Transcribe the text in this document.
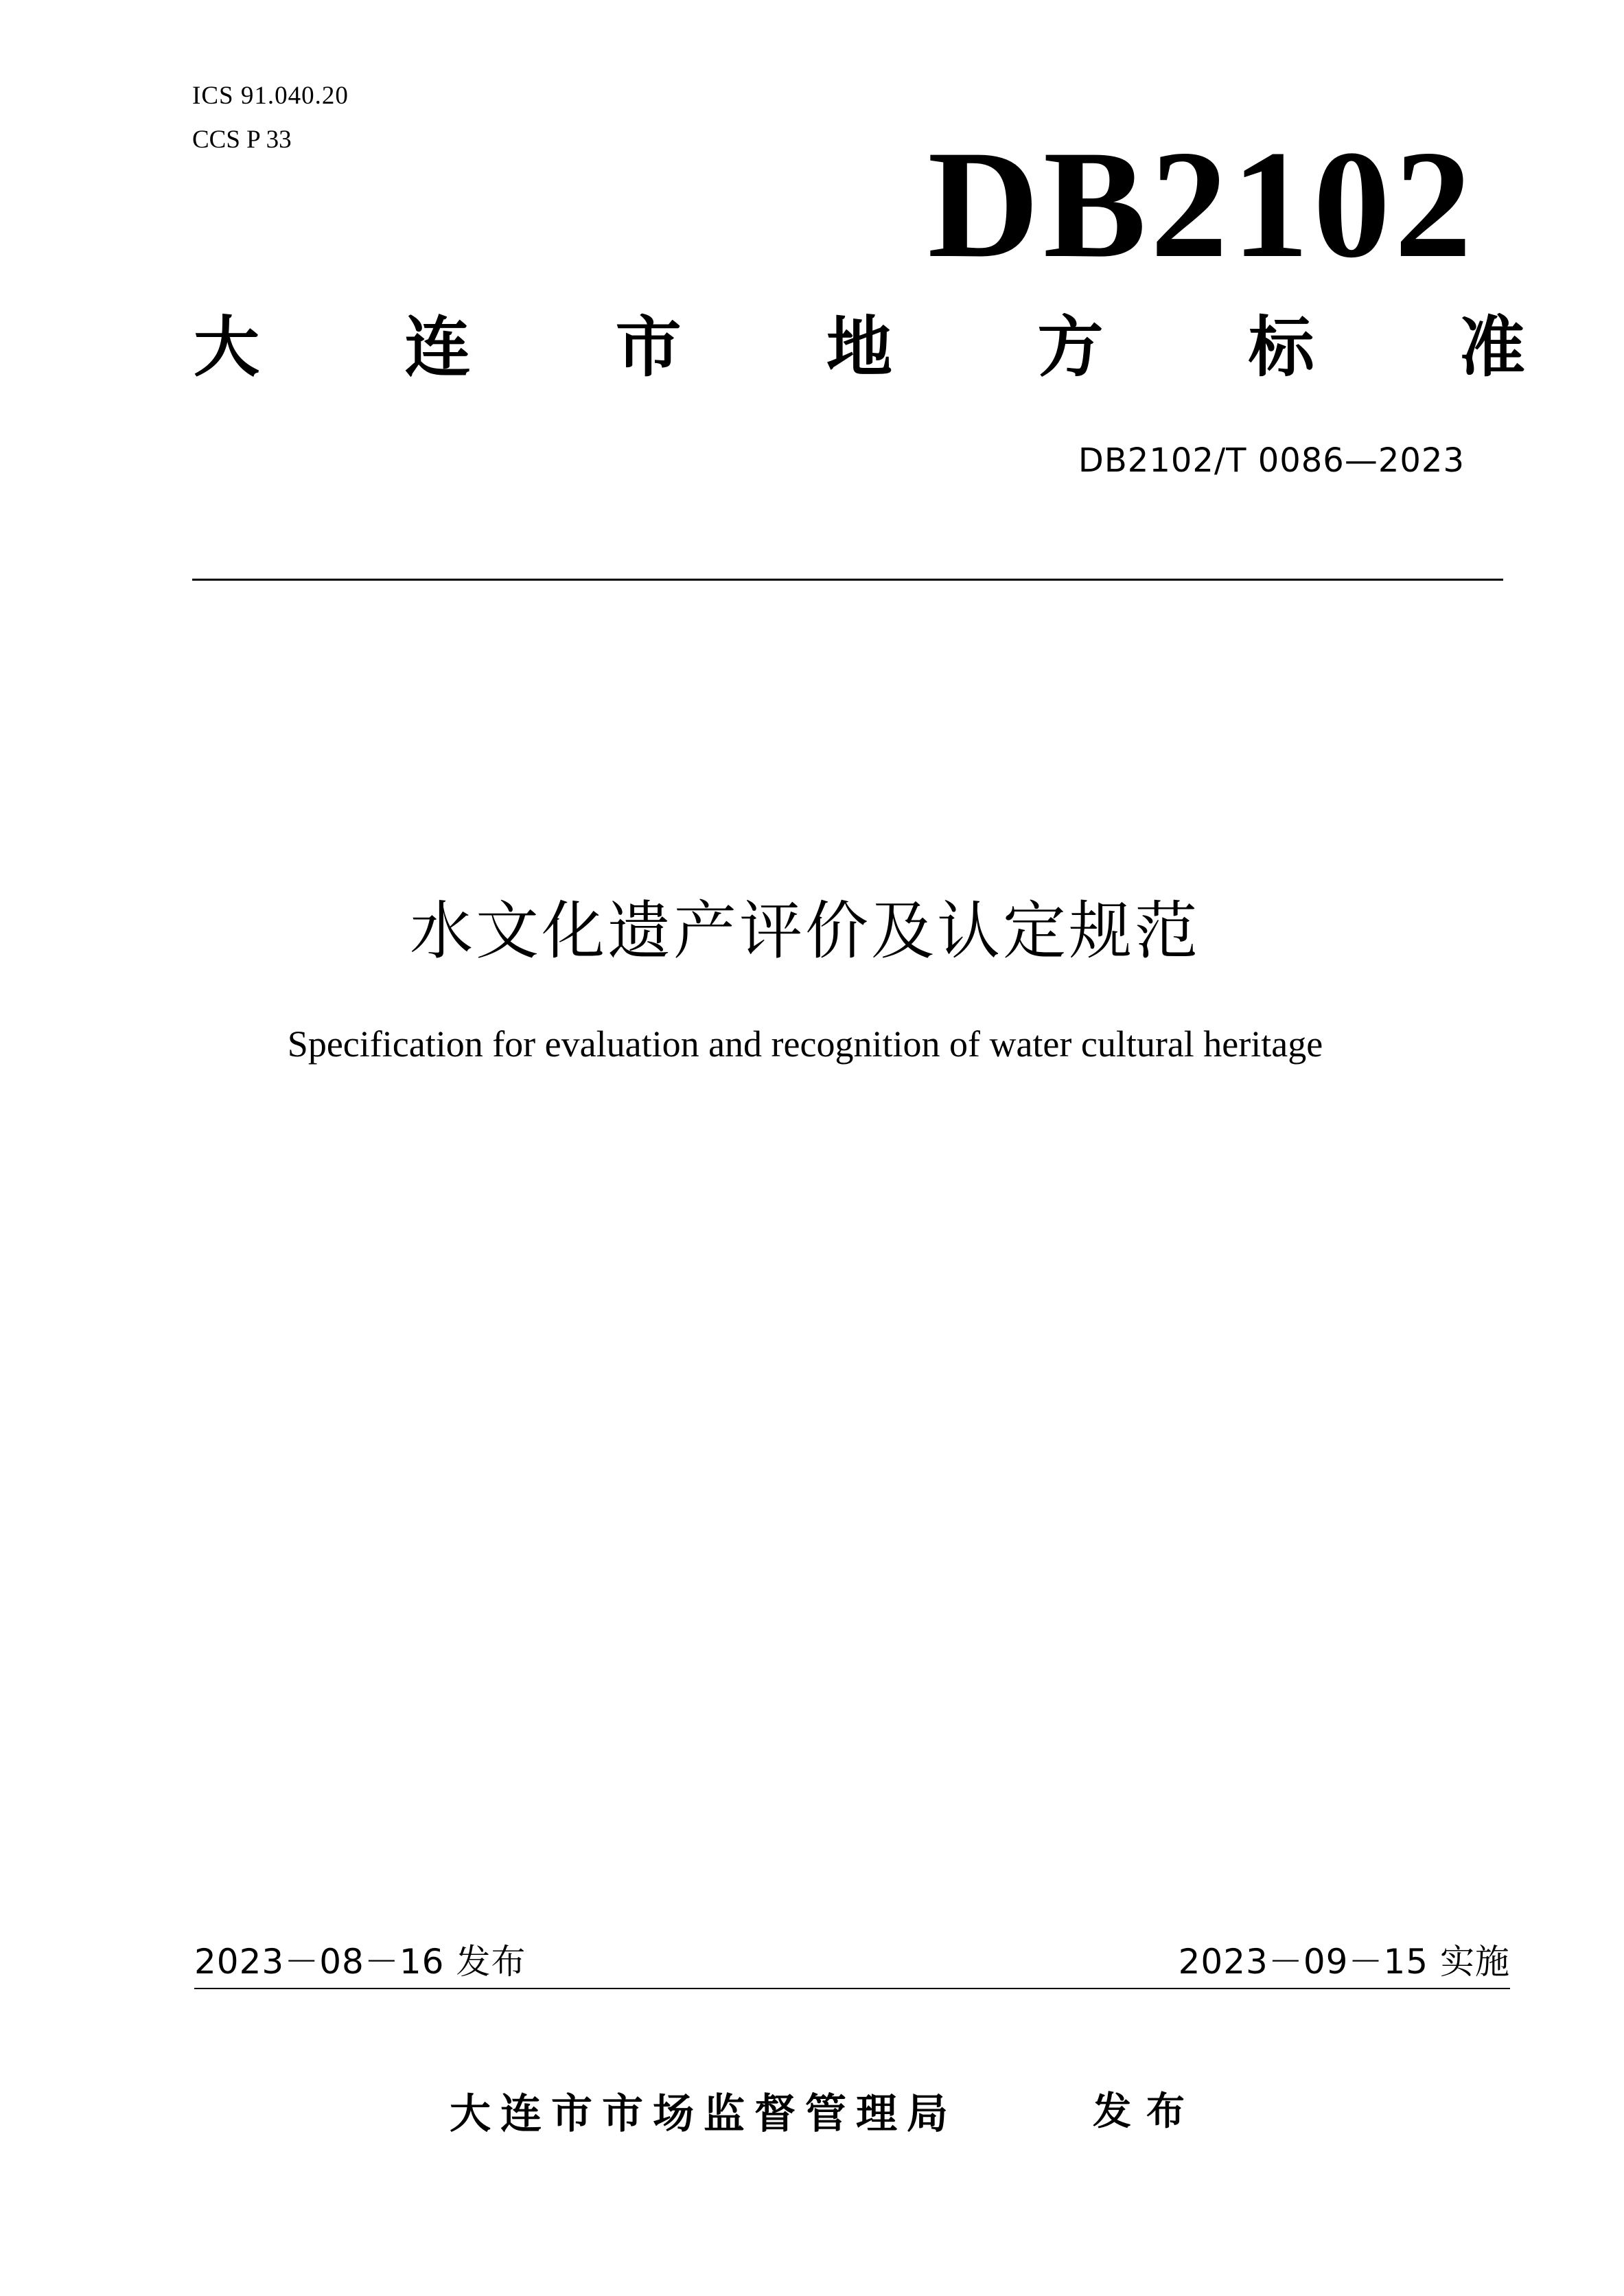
ICS 91.040.20
CCS P 33	DB2102
大 连 市 地 方 标 准
DB2102/T 0086—2023
水文化遗产评价及认定规范
Specification for evaluation and recognition of water cultural heritage
2023－08－16 发布	2023－09－15 实施
大连市市场监督管理局	发布
